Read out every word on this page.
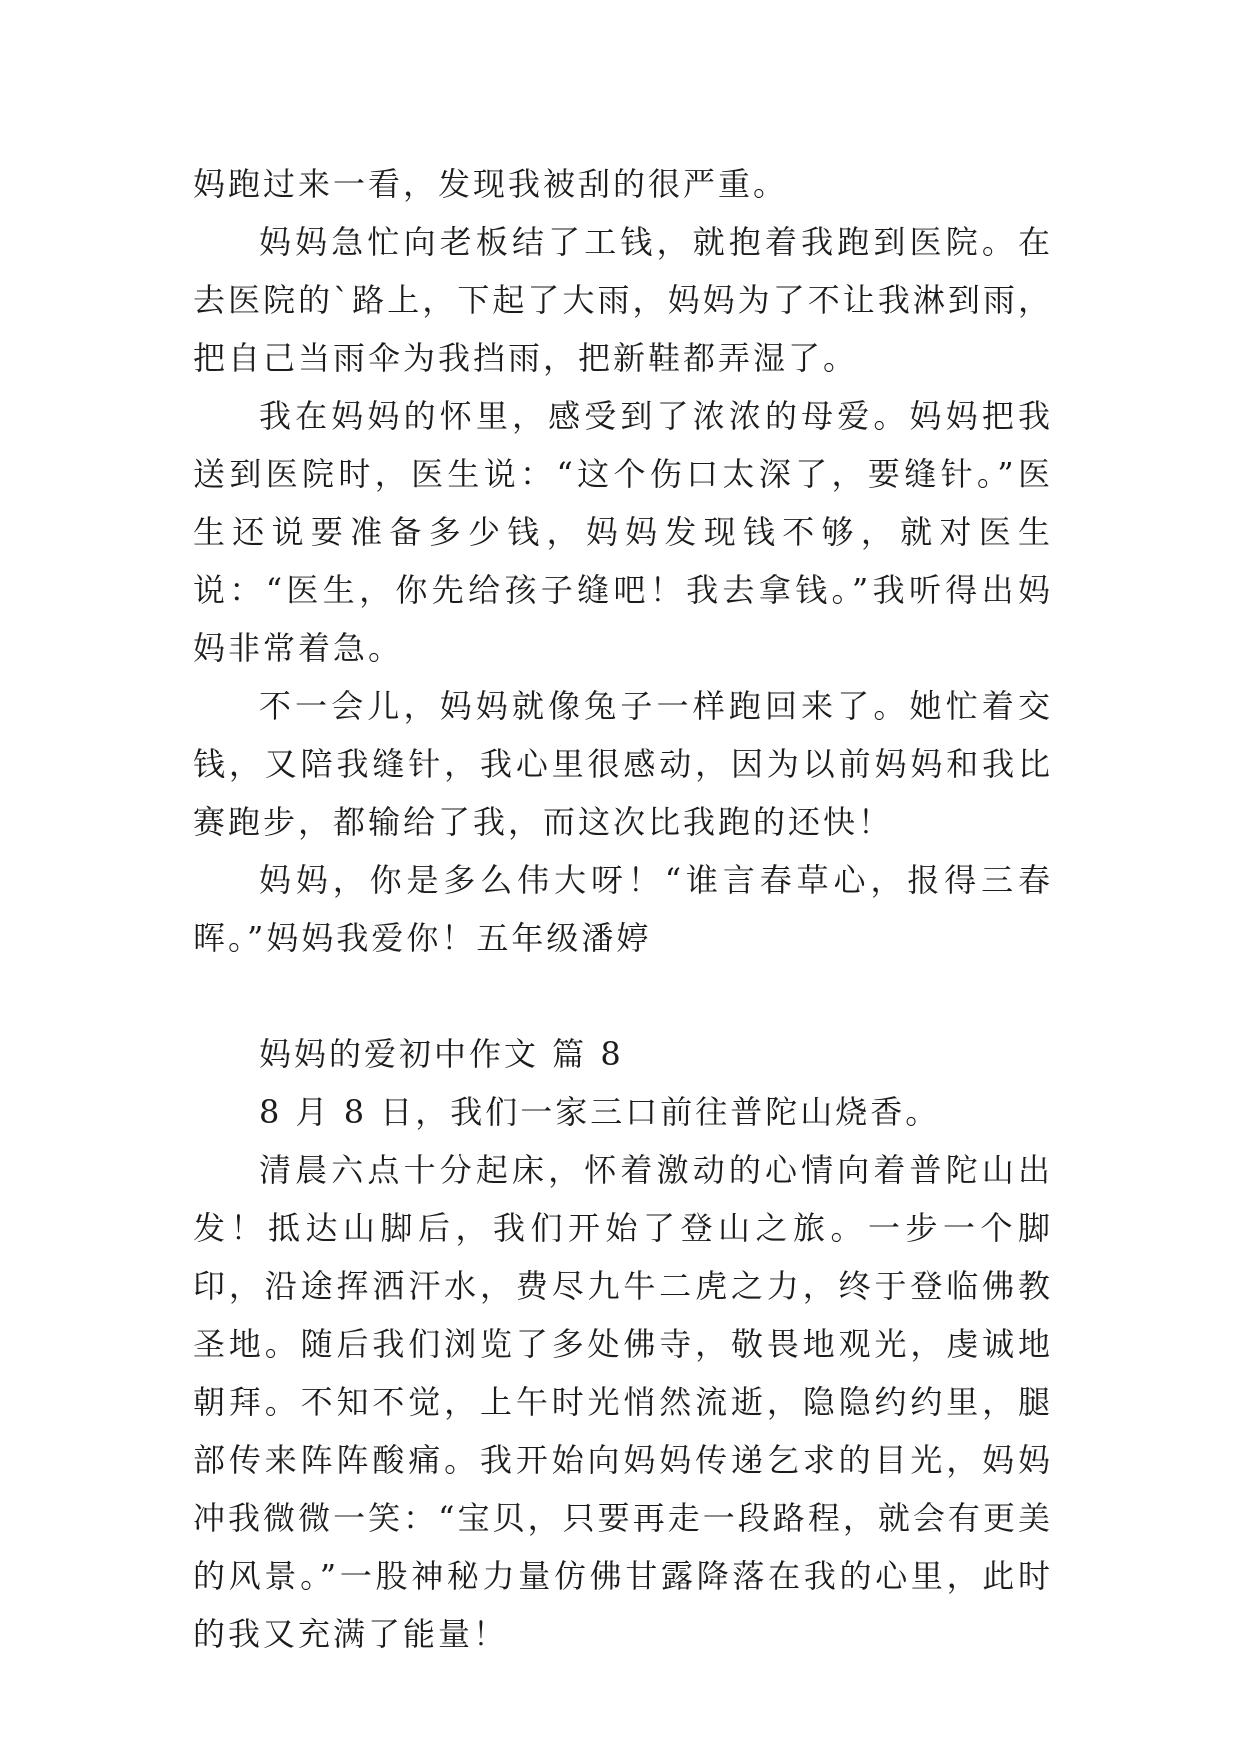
妈跑过来一看，发现我被刮的很严重。

妈妈急忙向老板结了工钱，就抱着我跑到医院。在去医院的`路上，下起了大雨，妈妈为了不让我淋到雨，把自己当雨伞为我挡雨，把新鞋都弄湿了。

我在妈妈的怀里，感受到了浓浓的母爱。妈妈把我送到医院时，医生说：“这个伤口太深了，要缝针。”医生还说要准备多少钱，妈妈发现钱不够，就对医生说：“医生，你先给孩子缝吧！我去拿钱。”我听得出妈妈非常着急。

不一会儿，妈妈就像兔子一样跑回来了。她忙着交钱，又陪我缝针，我心里很感动，因为以前妈妈和我比赛跑步，都输给了我，而这次比我跑的还快！

妈妈，你是多么伟大呀！“谁言春草心，报得三春晖。”妈妈我爱你！五年级潘婷

妈妈的爱初中作文 篇 8

8 月 8 日，我们一家三口前往普陀山烧香。

清晨六点十分起床，怀着激动的心情向着普陀山出发！抵达山脚后，我们开始了登山之旅。一步一个脚印，沿途挥洒汗水，费尽九牛二虎之力，终于登临佛教圣地。随后我们浏览了多处佛寺，敬畏地观光，虔诚地朝拜。不知不觉，上午时光悄然流逝，隐隐约约里，腿部传来阵阵酸痛。我开始向妈妈传递乞求的目光，妈妈冲我微微一笑：“宝贝，只要再走一段路程，就会有更美的风景。”一股神秘力量仿佛甘露降落在我的心里，此时的我又充满了能量！
